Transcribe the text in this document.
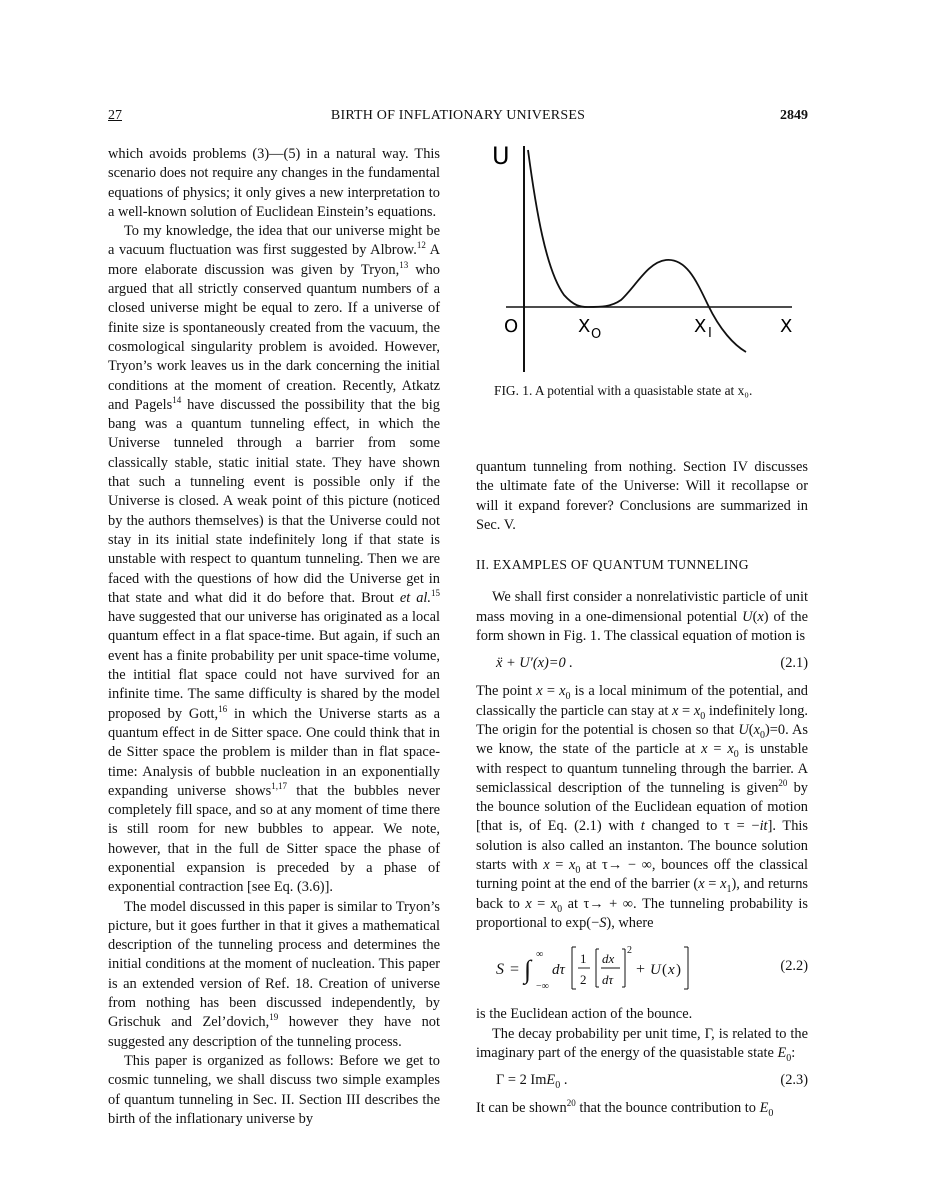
BIRTH OF INFLATIONARY UNIVERSES
27	2849

which avoids problems (3)—(5) in a natural way. This scenario does not require any changes in the fundamental equations of physics; it only gives a new interpretation to a well-known solution of Euclidean Einstein’s equations.

To my knowledge, the idea that our universe might be a vacuum fluctuation was first suggested by Albrow.$^{12}$ A more elaborate discussion was given by Tryon,$^{13}$ who argued that all strictly conserved quantum numbers of a closed universe might be equal to zero. If a universe of finite size is spontaneously created from the vacuum, the cosmological singularity problem is avoided. However, Tryon’s work leaves us in the dark concerning the initial conditions at the moment of creation. Recently, Atkatz and Pagels$^{14}$ have discussed the possibility that the big bang was a quantum tunneling effect, in which the Universe tunneled through a barrier from some classically stable, static initial state. They have shown that such a tunneling event is possible only if the Universe is closed. A weak point of this picture (noticed by the authors themselves) is that the Universe could not stay in its initial state indefinitely long if that state is unstable with respect to quantum tunneling. Then we are faced with the questions of how did the Universe get in that state and what did it do before that. Brout et al.$^{15}$ have suggested that our universe has originated as a local quantum effect in a flat space-time. But again, if such an event has a finite probability per unit space-time volume, the intitial flat space could not have survived for an infinite time. The same difficulty is shared by the model proposed by Gott,$^{16}$ in which the Universe starts as a quantum effect in de Sitter space. One could think that in de Sitter space the problem is milder than in flat space-time: Analysis of bubble nucleation in an exponentially expanding universe shows$^{1,17}$ that the bubbles never completely fill space, and so at any moment of time there is still room for new bubbles to appear. We note, however, that in the full de Sitter space the phase of exponential expansion is preceded by a phase of exponential contraction [see Eq. (3.6)].

The model discussed in this paper is similar to Tryon’s picture, but it goes further in that it gives a mathematical description of the tunneling process and determines the initial conditions at the moment of nucleation. This paper is an extended version of Ref. 18. Creation of universe from nothing has been discussed independently, by Grischuk and Zel’dovich,$^{19}$ however they have not suggested any description of the tunneling process.

This paper is organized as follows: Before we get to cosmic tunneling, we shall discuss two simple examples of quantum tunneling in Sec. II. Section III describes the birth of the inflationary universe by

U
O	X O	X I	X
FIG. 1. A potential with a quasistable state at x₀.

quantum tunneling from nothing. Section IV discusses the ultimate fate of the Universe: Will it recollapse or will it expand forever? Conclusions are summarized in Sec. V.

II. EXAMPLES OF QUANTUM TUNNELING

We shall first consider a nonrelativistic particle of unit mass moving in a one-dimensional potential U(x) of the form shown in Fig. 1. The classical equation of motion is

ẍ + U′(x)=0 .	(2.1)

The point $x = x_0$ is a local minimum of the potential, and classically the particle can stay at $x = x_0$ indefinitely long. The origin for the potential is chosen so that $U(x_0)=0$. As we know, the state of the particle at $x = x_0$ is unstable with respect to quantum tunneling through the barrier. A semiclassical description of the tunneling is given$^{20}$ by the bounce solution of the Euclidean equation of motion [that is, of Eq. (2.1) with t changed to τ = −it]. This solution is also called an instanton. The bounce solution starts with $x = x_0$ at τ→ − ∞, bounces off the classical turning point at the end of the barrier $(x = x_1)$, and returns back to $x = x_0$ at τ→ + ∞. The tunneling probability is proportional to exp(−S), where

S = ∫
∞
−∞
dτ
1
2
dx
dτ
2
+ U ( x )	(2.2)

is the Euclidean action of the bounce.

The decay probability per unit time, Γ, is related to the imaginary part of the energy of the quasistable state $E_0$:

Γ = 2 ImE$_0$ .	(2.3)

It can be shown$^{20}$ that the bounce contribution to $E_0$
